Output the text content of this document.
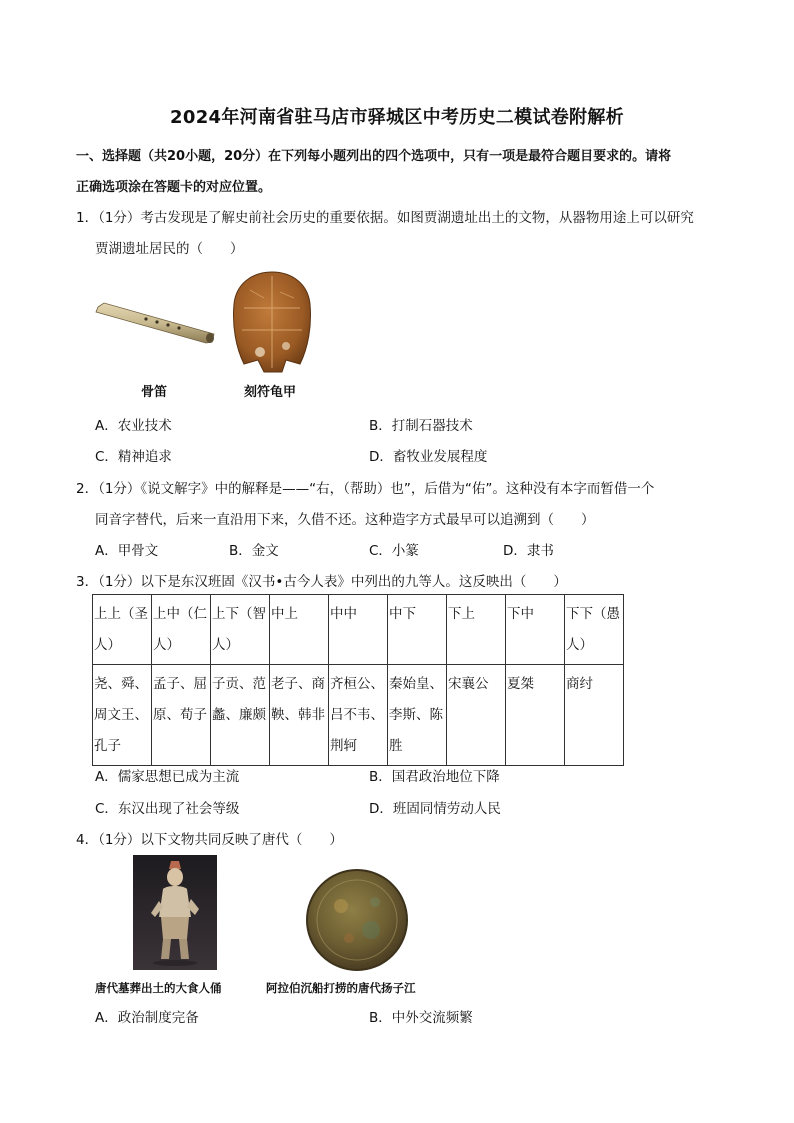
2024年河南省驻马店市驿城区中考历史二模试卷附解析
一、选择题（共20小题，20分）在下列每小题列出的四个选项中，只有一项是最符合题目要求的。请将
正确选项涂在答题卡的对应位置。
1．（1分）考古发现是了解史前社会历史的重要依据。如图贾湖遗址出土的文物，从器物用途上可以研究
贾湖遗址居民的（　　）
骨笛	刻符龟甲
A．农业技术	B．打制石器技术
C．精神追求	D．畜牧业发展程度
2．（1分）《说文解字》中的解释是——“右，（帮助）也”，后借为“佑”。这种没有本字而暂借一个
同音字替代，后来一直沿用下来，久借不还。这种造字方式最早可以追溯到（　　）
A．甲骨文	B．金文	C．小篆	D．隶书
3．（1分）以下是东汉班固《汉书•古今人表》中列出的九等人。这反映出（　　）
上上（圣人）	上中（仁人）	上下（智人）	中上	中中	中下	下上	下中	下下（愚人）

尧、舜、周文王、孔子	孟子、屈原、荀子	子贡、范蠡、廉颇	老子、商鞅、韩非	齐桓公、吕不韦、荆轲	秦始皇、李斯、陈胜	宋襄公	夏桀	商纣
A．儒家思想已成为主流	B．国君政治地位下降
C．东汉出现了社会等级	D．班固同情劳动人民
4．（1分）以下文物共同反映了唐代（　　）
唐代墓葬出土的大食人俑	阿拉伯沉船打捞的唐代扬子江
A．政治制度完备	B．中外交流频繁
